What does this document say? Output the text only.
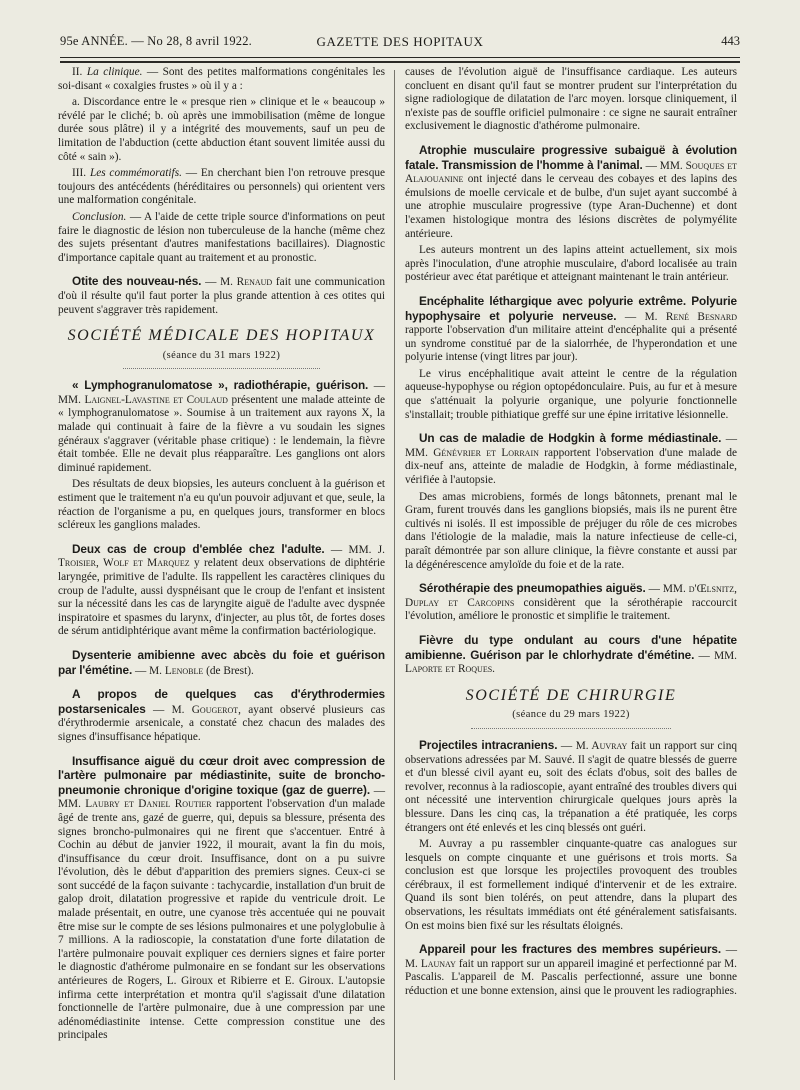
95e ANNÉE. — No 28, 8 avril 1922.	GAZETTE DES HOPITAUX	443

II. La clinique. — Sont des petites malformations congénitales les soi-disant « coxalgies frustes » où il y a :

a. Discordance entre le « presque rien » clinique et le « beaucoup » révélé par le cliché; b. où après une immobilisation (même de longue durée sous plâtre) il y a intégrité des mouvements, sauf un peu de limitation de l'abduction (cette abduction étant souvent limitée aussi du côté « sain »).

III. Les commémoratifs. — En cherchant bien l'on retrouve presque toujours des antécédents (héréditaires ou personnels) qui orientent vers une malformation congénitale.

Conclusion. — A l'aide de cette triple source d'informations on peut faire le diagnostic de lésion non tuberculeuse de la hanche (même chez des sujets présentant d'autres manifestations bacillaires). Diagnostic d'importance capitale quant au traitement et au pronostic.

Otite des nouveau-nés. — M. Renaud fait une communication d'où il résulte qu'il faut porter la plus grande attention à ces otites qui peuvent s'aggraver très rapidement.

SOCIÉTÉ MÉDICALE DES HOPITAUX
(séance du 31 mars 1922)

« Lymphogranulomatose », radiothérapie, guérison. — MM. Laignel-Lavastine et Coulaud présentent une malade atteinte de « lymphogranulomatose ». Soumise à un traitement aux rayons X, la malade qui continuait à faire de la fièvre a vu soudain les signes généraux s'aggraver (véritable phase critique) : le lendemain, la fièvre était tombée. Elle ne devait plus réapparaître. Les ganglions ont alors diminué rapidement.

Des résultats de deux biopsies, les auteurs concluent à la guérison et estiment que le traitement n'a eu qu'un pouvoir adjuvant et que, seule, la réaction de l'organisme a pu, en quelques jours, transformer en blocs scléreux les ganglions malades.

Deux cas de croup d'emblée chez l'adulte. — MM. J. Troisier, Wolf et Marquez y relatent deux observations de diphtérie laryngée, primitive de l'adulte. Ils rappellent les caractères cliniques du croup de l'adulte, aussi dyspnéisant que le croup de l'enfant et insistent sur la nécessité dans les cas de laryngite aiguë de l'adulte avec dyspnée inspiratoire et spasmes du larynx, d'injecter, au plus tôt, de fortes doses de sérum antidiphtérique avant même la confirmation bactériologique.

Dysenterie amibienne avec abcès du foie et guérison par l'émétine. — M. Lenoble (de Brest).

A propos de quelques cas d'érythrodermies postarsenicales — M. Gougerot, ayant observé plusieurs cas d'érythrodermie arsenicale, a constaté chez chacun des malades des signes d'insuffisance hépatique.

Insuffisance aiguë du cœur droit avec compression de l'artère pulmonaire par médiastinite, suite de broncho-pneumonie chronique d'origine toxique (gaz de guerre). — MM. Laubry et Daniel Routier rapportent l'observation d'un malade âgé de trente ans, gazé de guerre, qui, depuis sa blessure, présenta des signes broncho-pulmonaires qui ne firent que s'accentuer. Entré à Cochin au début de janvier 1922, il mourait, avant la fin du mois, d'insuffisance du cœur droit. Insuffisance, dont on a pu suivre l'évolution, dès le début d'apparition des premiers signes. Ceux-ci se sont succédé de la façon suivante : tachycardie, installation d'un bruit de galop droit, dilatation progressive et rapide du ventricule droit. Le malade présentait, en outre, une cyanose très accentuée qui ne pouvait être mise sur le compte de ses lésions pulmonaires et une polyglobulie à 7 millions. A la radioscopie, la constatation d'une forte dilatation de l'artère pulmonaire pouvait expliquer ces derniers signes et faire porter le diagnostic d'athérome pulmonaire en se fondant sur les observations antérieures de Rogers, L. Giroux et Ribierre et E. Giroux. L'autopsie infirma cette interprétation et montra qu'il s'agissait d'une dilatation fonctionnelle de l'artère pulmonaire, due à une compression par une adénomédiastinite intense. Cette compression constitue une des principales

causes de l'évolution aiguë de l'insuffisance cardiaque. Les auteurs concluent en disant qu'il faut se montrer prudent sur l'interprétation du signe radiologique de dilatation de l'arc moyen. lorsque cliniquement, il n'existe pas de souffle orificiel pulmonaire : ce signe ne saurait entraîner exclusivement le diagnostic d'athérome pulmonaire.

Atrophie musculaire progressive subaiguë à évolution fatale. Transmission de l'homme à l'animal. — MM. Souques et Alajouanine ont injecté dans le cerveau des cobayes et des lapins des émulsions de moelle cervicale et de bulbe, d'un sujet ayant succombé à une atrophie musculaire progressive (type Aran-Duchenne) et dont l'examen histologique montra des lésions discrètes de polymyélite antérieure.

Les auteurs montrent un des lapins atteint actuellement, six mois après l'inoculation, d'une atrophie musculaire, d'abord localisée au train postérieur avec état parétique et atteignant maintenant le train antérieur.

Encéphalite léthargique avec polyurie extrême. Polyurie hypophysaire et polyurie nerveuse. — M. René Besnard rapporte l'observation d'un militaire atteint d'encéphalite qui a présenté un syndrome constitué par de la sialorrhée, de l'hyperondation et une polyurie intense (vingt litres par jour).

Le virus encéphalitique avait atteint le centre de la régulation aqueuse-hypophyse ou région optopédonculaire. Puis, au fur et à mesure que s'atténuait la polyurie organique, une polyurie fonctionnelle s'installait; trouble pithiatique greffé sur une épine irritative lésionnelle.

Un cas de maladie de Hodgkin à forme médiastinale. — MM. Génévrier et Lorrain rapportent l'observation d'une malade de dix-neuf ans, atteinte de maladie de Hodgkin, à forme médiastinale, vérifiée à l'autopsie.

Des amas microbiens, formés de longs bâtonnets, prenant mal le Gram, furent trouvés dans les ganglions biopsiés, mais ils ne purent être cultivés ni isolés. Il est impossible de préjuger du rôle de ces microbes dans l'étiologie de la maladie, mais la nature infectieuse de celle-ci, paraît démontrée par son allure clinique, la fièvre constante et aussi par la dégénérescence amyloïde du foie et de la rate.

Sérothérapie des pneumopathies aiguës. — MM. d'Œlsnitz, Duplay et Carcopins considèrent que la sérothérapie raccourcit l'évolution, améliore le pronostic et simplifie le traitement.

Fièvre du type ondulant au cours d'une hépatite amibienne. Guérison par le chlorhydrate d'émétine. — MM. Laporte et Roques.

SOCIÉTÉ DE CHIRURGIE
(séance du 29 mars 1922)

Projectiles intracraniens. — M. Auvray fait un rapport sur cinq observations adressées par M. Sauvé. Il s'agit de quatre blessés de guerre et d'un blessé civil ayant eu, soit des éclats d'obus, soit des balles de revolver, reconnus à la radioscopie, ayant entraîné des troubles divers qui ont nécessité une intervention chirurgicale quelques jours après la blessure. Dans les cinq cas, la trépanation a été pratiquée, les corps étrangers ont été enlevés et les cinq blessés ont guéri.

M. Auvray a pu rassembler cinquante-quatre cas analogues sur lesquels on compte cinquante et une guérisons et trois morts. Sa conclusion est que lorsque les projectiles provoquent des troubles cérébraux, il est formellement indiqué d'intervenir et de les extraire. Quand ils sont bien tolérés, on peut attendre, dans la plupart des observations, les résultats immédiats ont été généralement satisfaisants. On est moins bien fixé sur les résultats éloignés.

Appareil pour les fractures des membres supérieurs. — M. Launay fait un rapport sur un appareil imaginé et perfectionné par M. Pascalis. L'appareil de M. Pascalis perfectionné, assure une bonne réduction et une bonne extension, ainsi que le prouvent les radiographies.
